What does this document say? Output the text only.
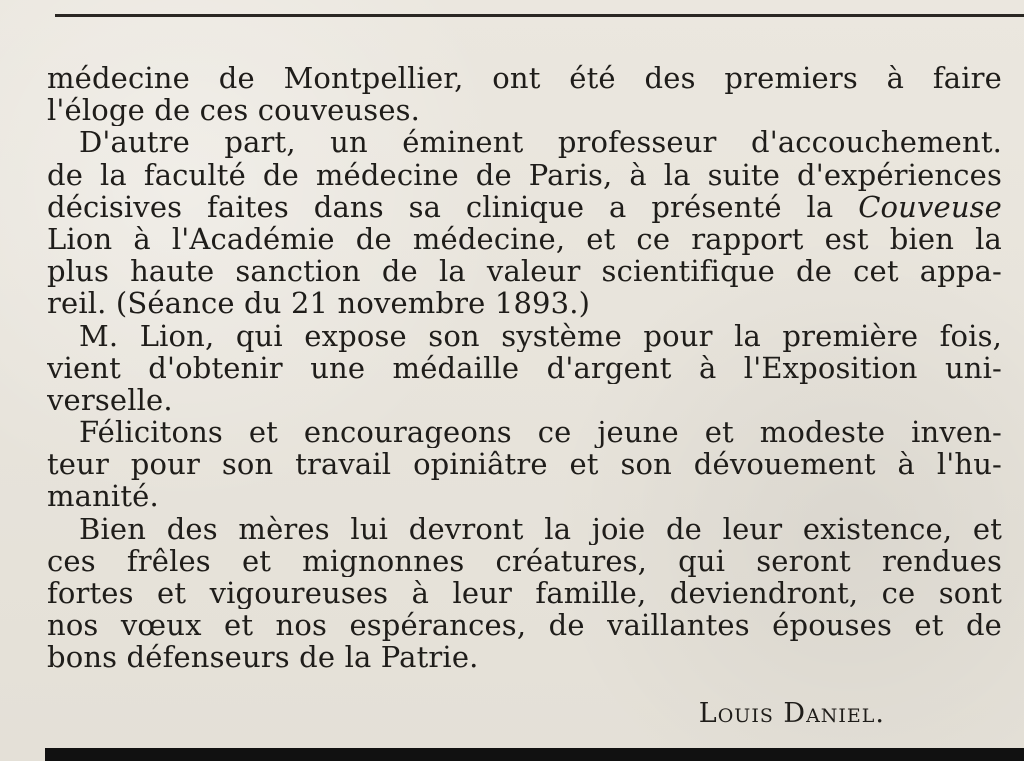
médecine de Montpellier, ont été des premiers à faire
l'éloge de ces couveuses.
D'autre part, un éminent professeur d'accouchement.
de la faculté de médecine de Paris, à la suite d'expériences
décisives faites dans sa clinique a présenté la Couveuse
Lion à l'Académie de médecine, et ce rapport est bien la
plus haute sanction de la valeur scientifique de cet appa-
reil. (Séance du 21 novembre 1893.)
M. Lion, qui expose son système pour la première fois,
vient d'obtenir une médaille d'argent à l'Exposition uni-
verselle.
Félicitons et encourageons ce jeune et modeste inven-
teur pour son travail opiniâtre et son dévouement à l'hu-
manité.
Bien des mères lui devront la joie de leur existence, et
ces frêles et mignonnes créatures, qui seront rendues
fortes et vigoureuses à leur famille, deviendront, ce sont
nos vœux et nos espérances, de vaillantes épouses et de
bons défenseurs de la Patrie.
Louis Daniel.
